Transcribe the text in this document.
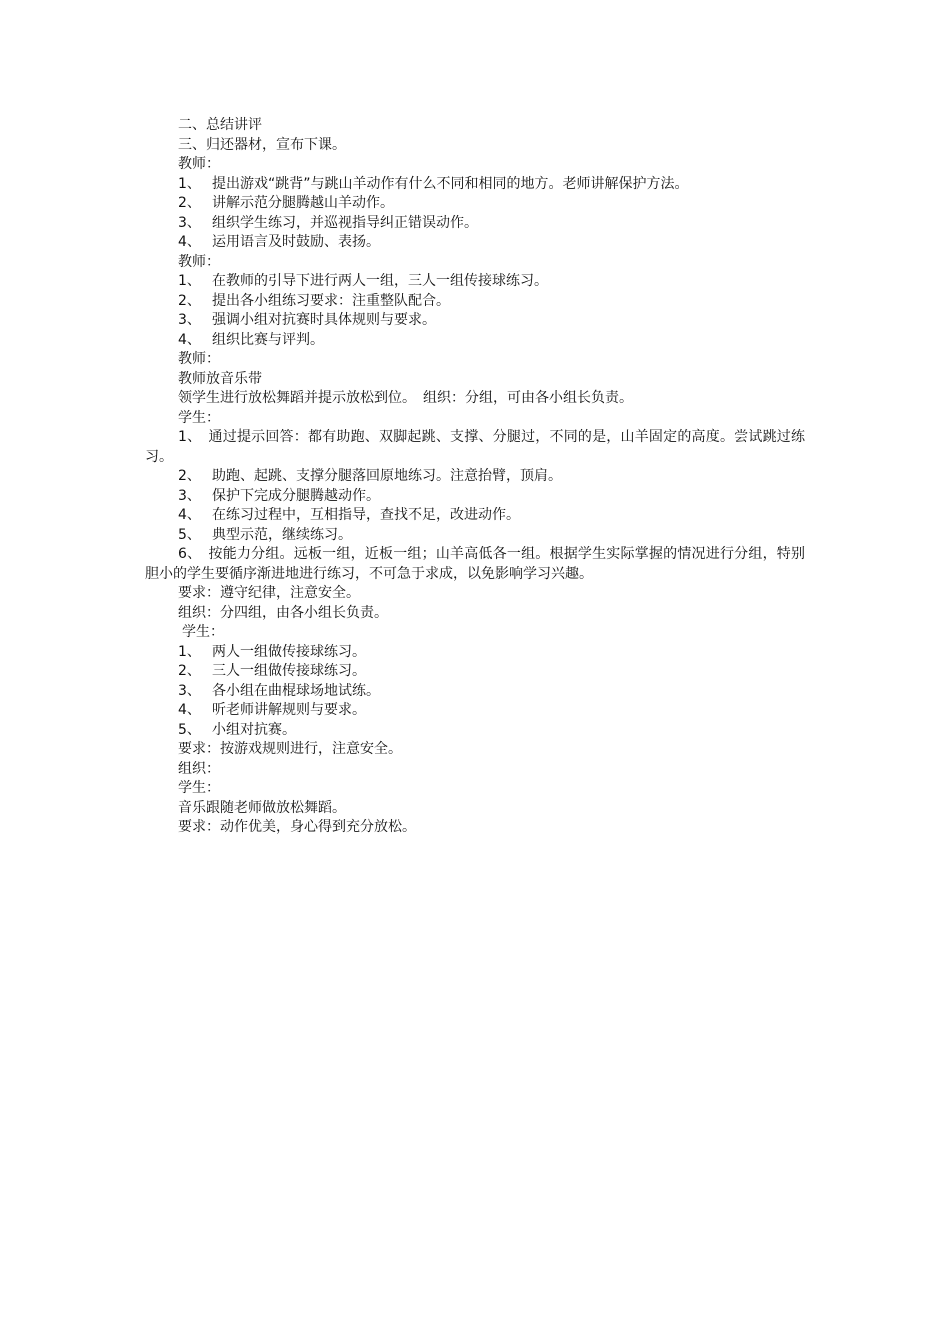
二、总结讲评
三、归还器材，宣布下课。
教师：
1、 提出游戏“跳背”与跳山羊动作有什么不同和相同的地方。老师讲解保护方法。
2、 讲解示范分腿腾越山羊动作。
3、 组织学生练习，并巡视指导纠正错误动作。
4、 运用语言及时鼓励、表扬。
教师：
1、 在教师的引导下进行两人一组，三人一组传接球练习。
2、 提出各小组练习要求：注重整队配合。
3、 强调小组对抗赛时具体规则与要求。
4、 组织比赛与评判。
教师：
教师放音乐带
领学生进行放松舞蹈并提示放松到位。　组织：分组，可由各小组长负责。
学生：
1、　通过提示回答：都有助跑、双脚起跳、支撑、分腿过，不同的是，山羊固定的高度。尝试跳过练习。
2、 助跑、起跳、支撑分腿落回原地练习。注意抬臂，顶肩。
3、 保护下完成分腿腾越动作。
4、 在练习过程中，互相指导，查找不足，改进动作。
5、 典型示范，继续练习。
6、　按能力分组。远板一组，近板一组；山羊高低各一组。根据学生实际掌握的情况进行分组，特别胆小的学生要循序渐进地进行练习，不可急于求成，以免影响学习兴趣。
要求：遵守纪律，注意安全。
组织：分四组，由各小组长负责。
学生：
1、 两人一组做传接球练习。
2、 三人一组做传接球练习。
3、 各小组在曲棍球场地试练。
4、 听老师讲解规则与要求。
5、 小组对抗赛。
要求：按游戏规则进行，注意安全。
组织：
学生：
音乐跟随老师做放松舞蹈。
要求：动作优美，身心得到充分放松。
